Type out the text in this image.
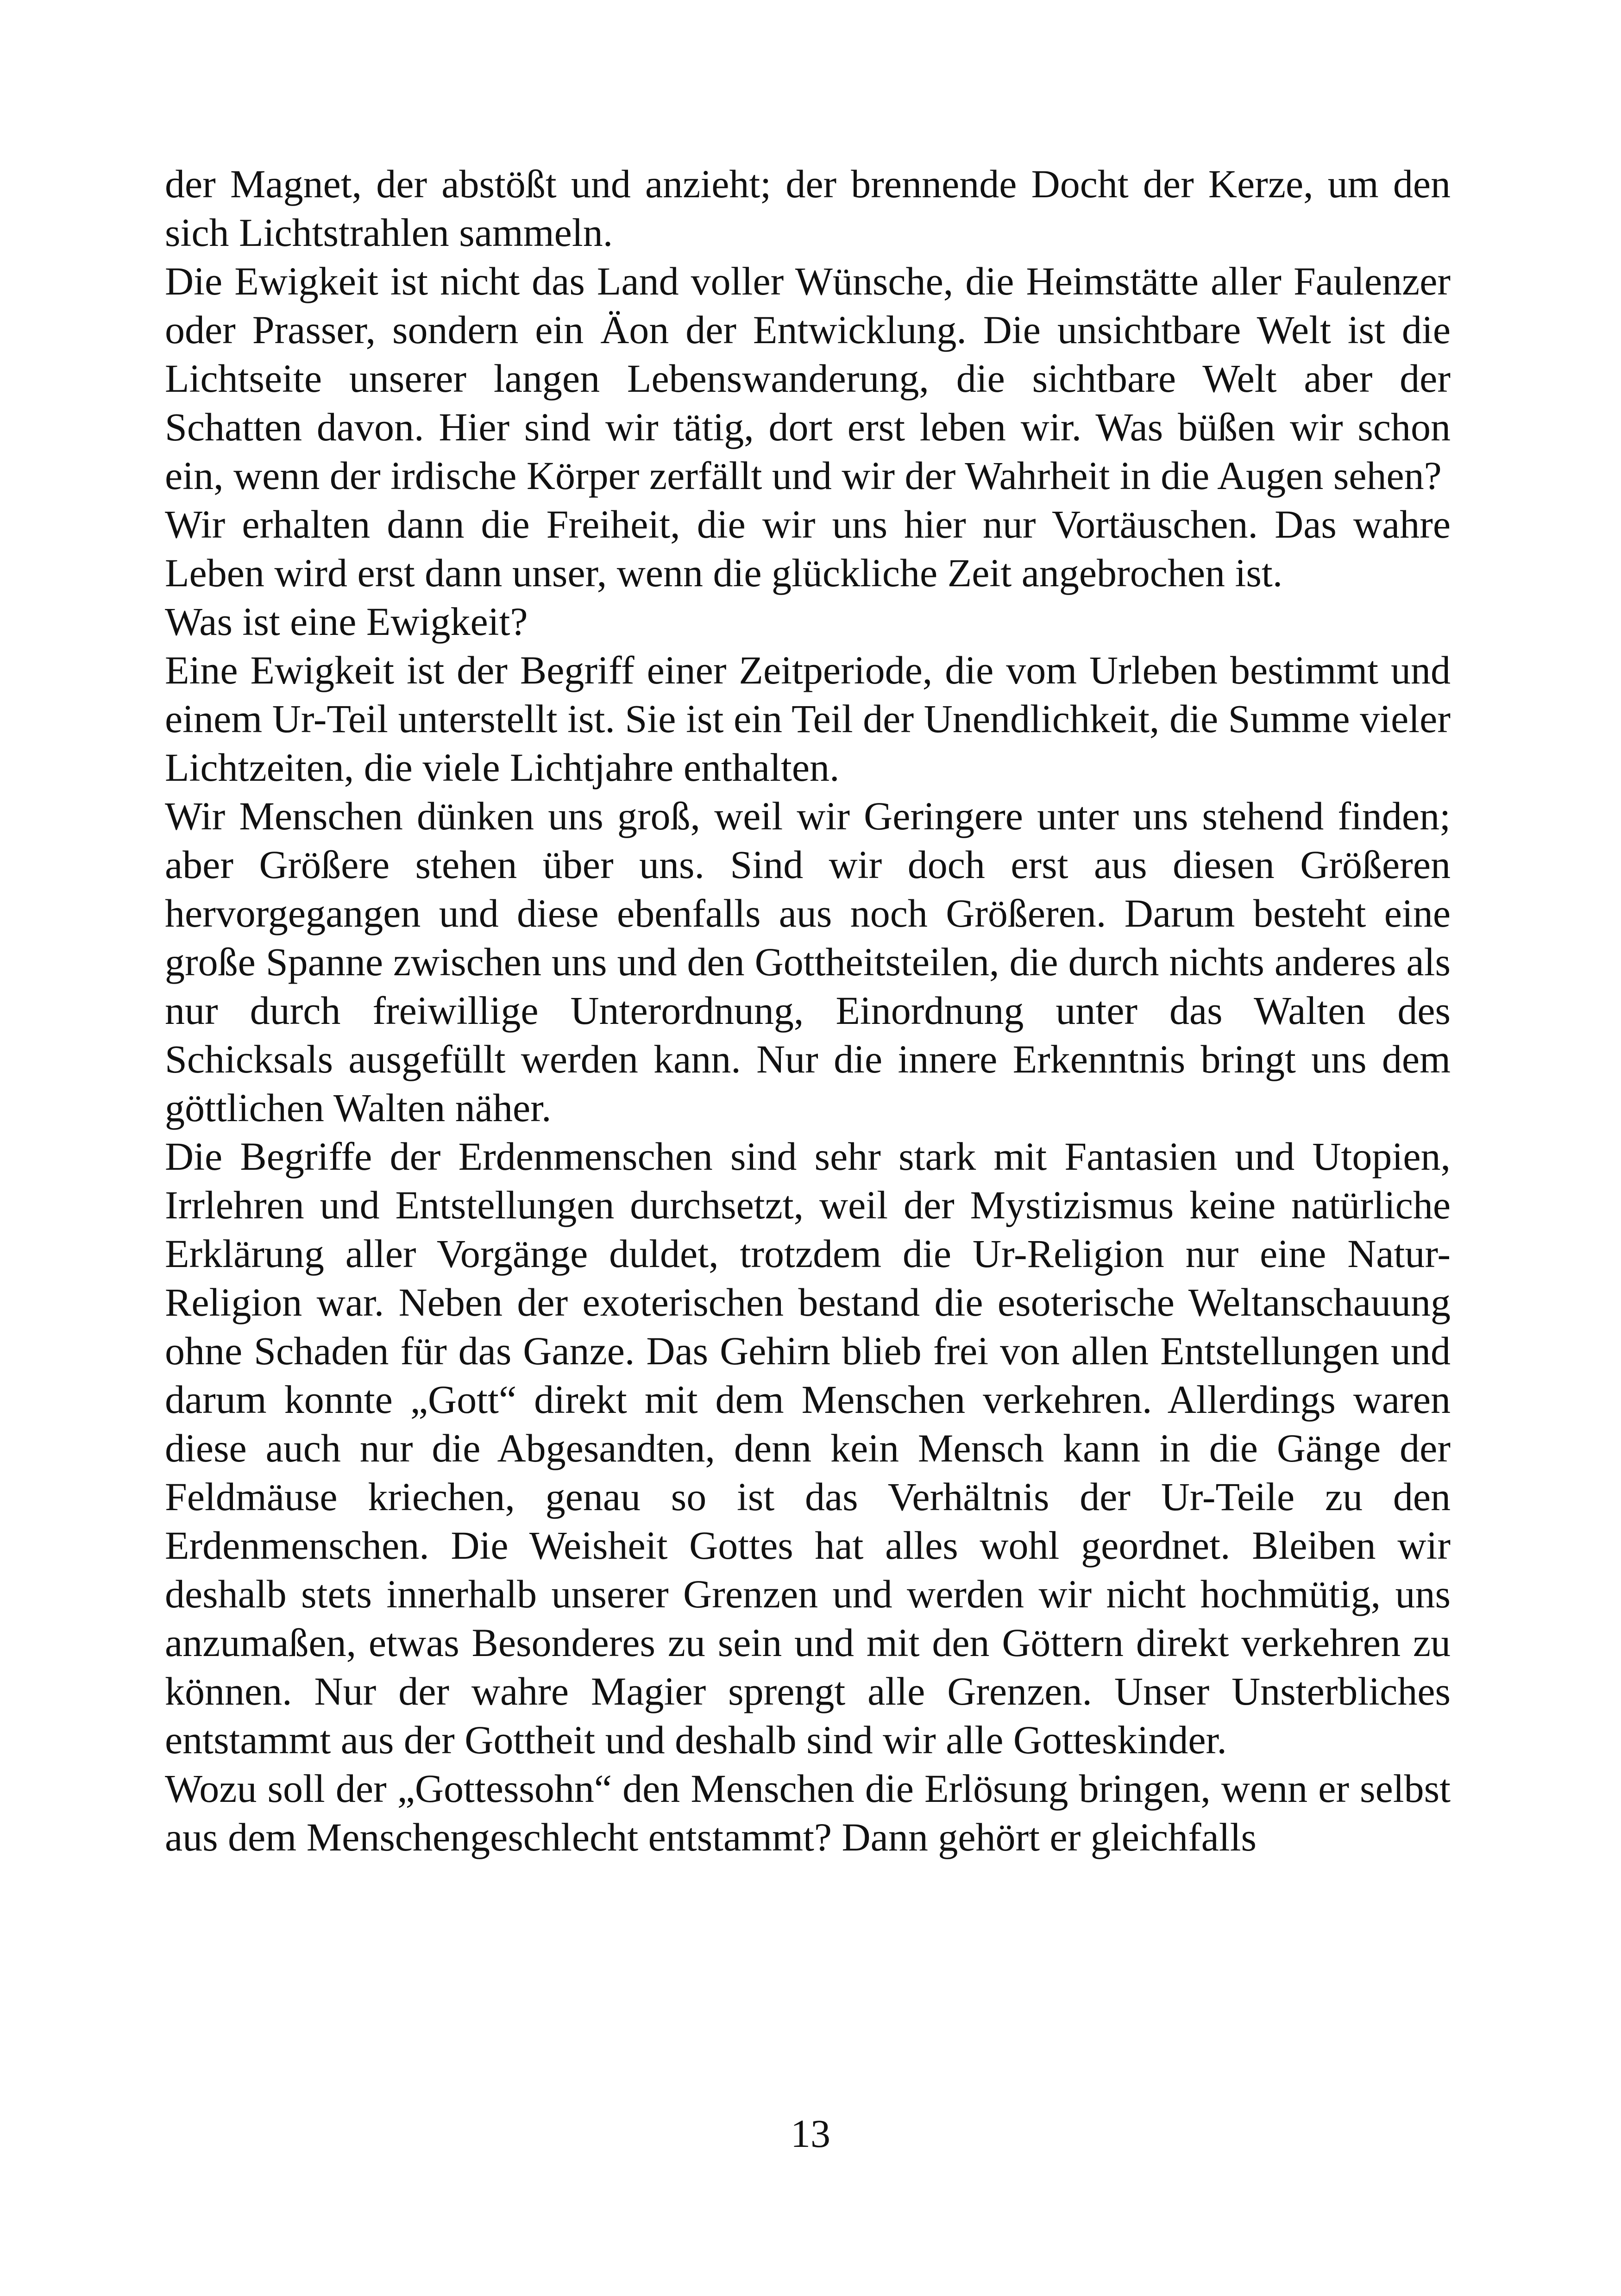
der Magnet, der abstößt und anzieht; der brennende Docht der Kerze, um den sich Lichtstrahlen sammeln.

Die Ewigkeit ist nicht das Land voller Wünsche, die Heimstätte aller Faulenzer oder Prasser, sondern ein Äon der Entwicklung. Die unsichtbare Welt ist die Lichtseite unserer langen Lebenswanderung, die sichtbare Welt aber der Schatten davon. Hier sind wir tätig, dort erst leben wir. Was büßen wir schon ein, wenn der irdische Körper zerfällt und wir der Wahrheit in die Augen sehen?

Wir erhalten dann die Freiheit, die wir uns hier nur Vortäuschen. Das wahre Leben wird erst dann unser, wenn die glückliche Zeit angebrochen ist.

Was ist eine Ewigkeit?

Eine Ewigkeit ist der Begriff einer Zeitperiode, die vom Urleben bestimmt und einem Ur-Teil unterstellt ist. Sie ist ein Teil der Unendlichkeit, die Summe vieler Lichtzeiten, die viele Lichtjahre enthalten.

Wir Menschen dünken uns groß, weil wir Geringere unter uns stehend finden; aber Größere stehen über uns. Sind wir doch erst aus diesen Größeren hervorgegangen und diese ebenfalls aus noch Größeren. Darum besteht eine große Spanne zwischen uns und den Gottheitsteilen, die durch nichts anderes als nur durch freiwillige Unterordnung, Einordnung unter das Walten des Schicksals ausgefüllt werden kann. Nur die innere Erkenntnis bringt uns dem göttlichen Walten näher.

Die Begriffe der Erdenmenschen sind sehr stark mit Fantasien und Utopien, Irrlehren und Entstellungen durchsetzt, weil der Mystizismus keine natürliche Erklärung aller Vorgänge duldet, trotzdem die Ur-Religion nur eine Natur-Religion war. Neben der exoterischen bestand die esoterische Weltanschauung ohne Schaden für das Ganze. Das Gehirn blieb frei von allen Entstellungen und darum konnte „Gott“ direkt mit dem Menschen verkehren. Allerdings waren diese auch nur die Abgesandten, denn kein Mensch kann in die Gänge der Feldmäuse kriechen, genau so ist das Verhältnis der Ur-Teile zu den Erdenmenschen. Die Weisheit Gottes hat alles wohl geordnet. Bleiben wir deshalb stets innerhalb unserer Grenzen und werden wir nicht hochmütig, uns anzumaßen, etwas Besonderes zu sein und mit den Göttern direkt verkehren zu können. Nur der wahre Magier sprengt alle Grenzen. Unser Unsterbliches entstammt aus der Gottheit und deshalb sind wir alle Gotteskinder.

Wozu soll der „Gottessohn“ den Menschen die Erlösung bringen, wenn er selbst aus dem Menschengeschlecht entstammt? Dann gehört er gleichfalls

13
